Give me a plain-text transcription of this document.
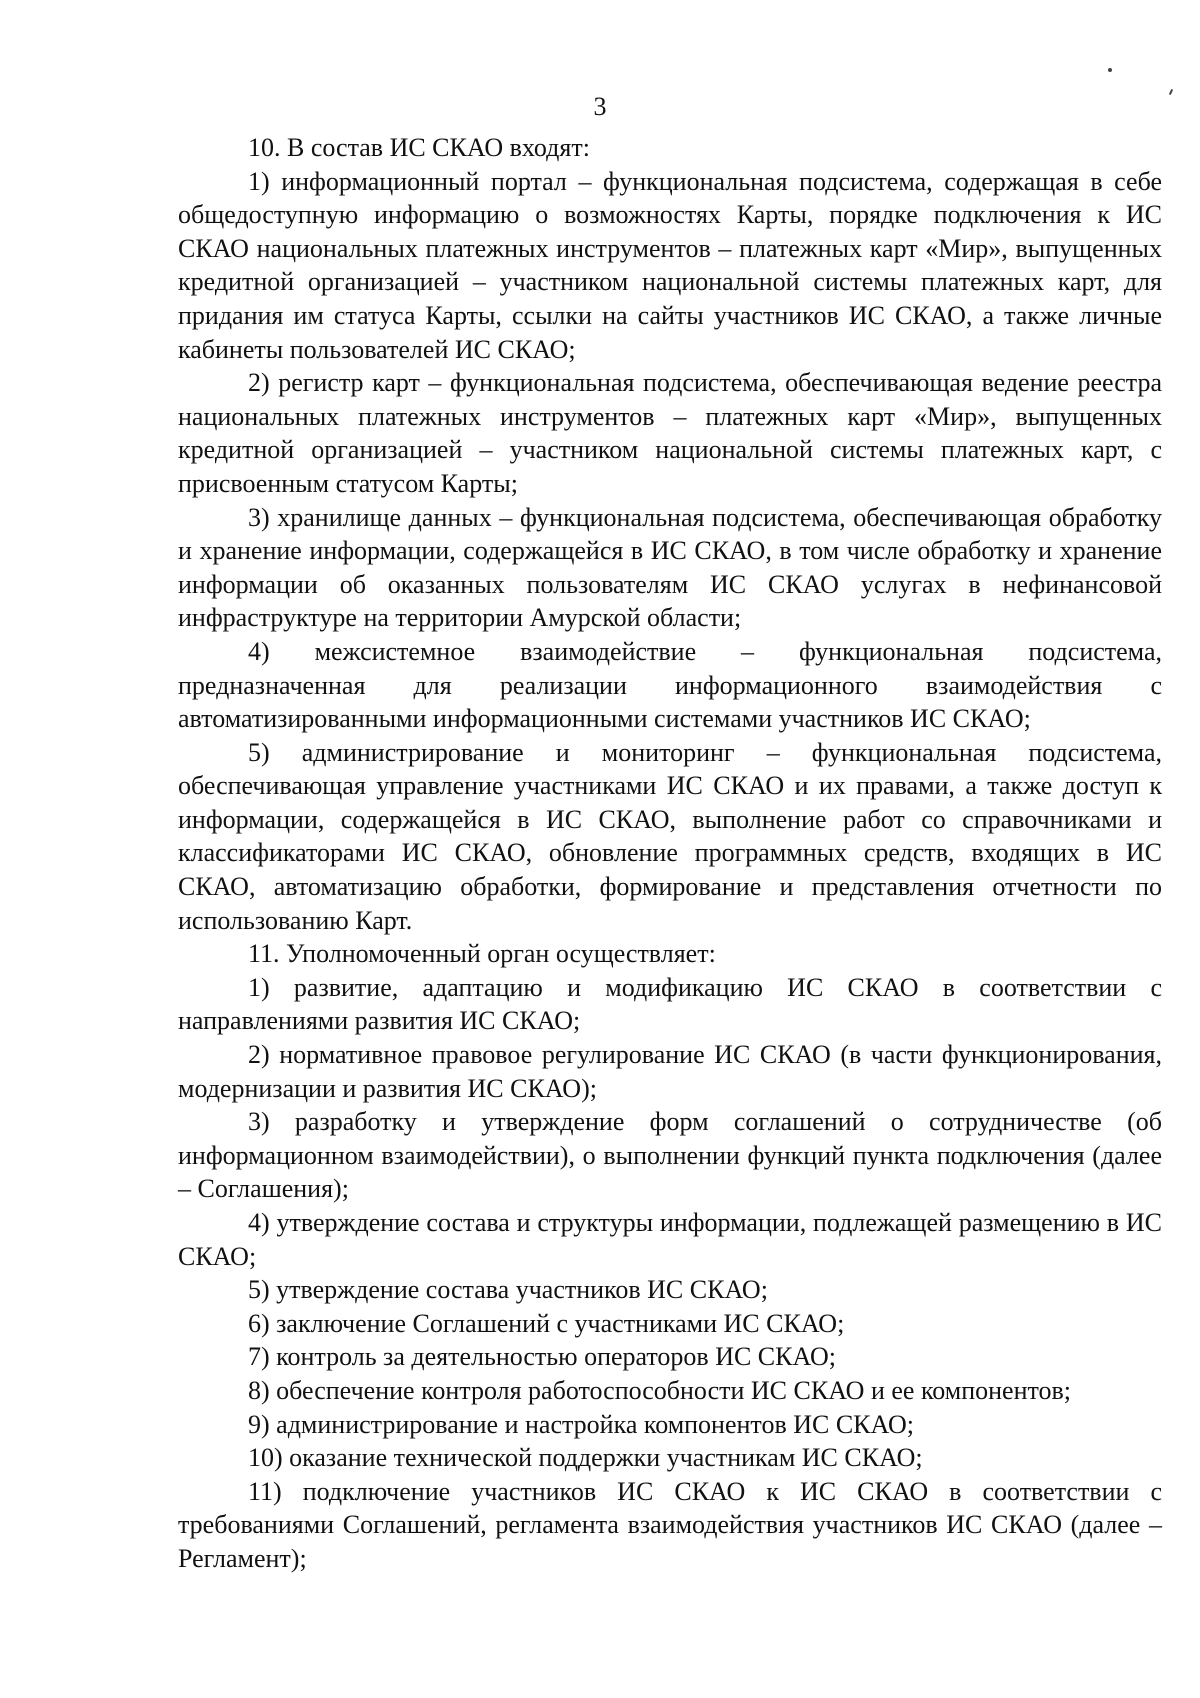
3

10. В состав ИС СКАО входят:

1) информационный портал – функциональная подсистема, содержащая в себе общедоступную информацию о возможностях Карты, порядке подключения к ИС СКАО национальных платежных инструментов – платежных карт «Мир», выпущенных кредитной организацией – участником национальной системы платежных карт, для придания им статуса Карты, ссылки на сайты участников ИС СКАО, а также личные кабинеты пользователей ИС СКАО;

2) регистр карт – функциональная подсистема, обеспечивающая ведение реестра национальных платежных инструментов – платежных карт «Мир», выпущенных кредитной организацией – участником национальной системы платежных карт, с присвоенным статусом Карты;

3) хранилище данных – функциональная подсистема, обеспечивающая обработку и хранение информации, содержащейся в ИС СКАО, в том числе обработку и хранение информации об оказанных пользователям ИС СКАО услугах в нефинансовой инфраструктуре на территории Амурской области;

4) межсистемное взаимодействие – функциональная подсистема, предназначенная для реализации информационного взаимодействия с автоматизированными информационными системами участников ИС СКАО;

5) администрирование и мониторинг – функциональная подсистема, обеспечивающая управление участниками ИС СКАО и их правами, а также доступ к информации, содержащейся в ИС СКАО, выполнение работ со справочниками и классификаторами ИС СКАО, обновление программных средств, входящих в ИС СКАО, автоматизацию обработки, формирование и представления отчетности по использованию Карт.

11. Уполномоченный орган осуществляет:

1) развитие, адаптацию и модификацию ИС СКАО в соответствии с направлениями развития ИС СКАО;

2) нормативное правовое регулирование ИС СКАО (в части функционирования, модернизации и развития ИС СКАО);

3) разработку и утверждение форм соглашений о сотрудничестве (об информационном взаимодействии), о выполнении функций пункта подключения (далее – Соглашения);

4) утверждение состава и структуры информации, подлежащей размещению в ИС СКАО;

5) утверждение состава участников ИС СКАО;

6) заключение Соглашений с участниками ИС СКАО;

7) контроль за деятельностью операторов ИС СКАО;

8) обеспечение контроля работоспособности ИС СКАО и ее компонентов;

9) администрирование и настройка компонентов ИС СКАО;

10) оказание технической поддержки участникам ИС СКАО;

11) подключение участников ИС СКАО к ИС СКАО в соответствии с требованиями Соглашений, регламента взаимодействия участников ИС СКАО (далее – Регламент);
